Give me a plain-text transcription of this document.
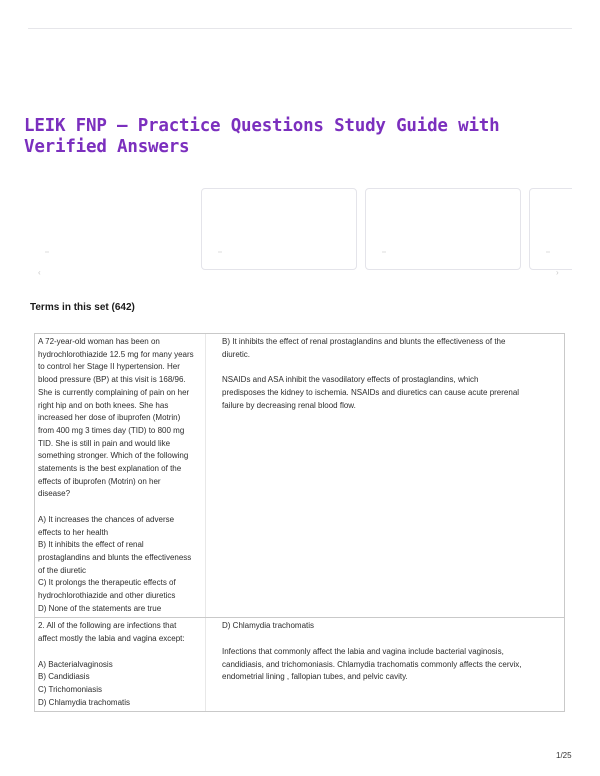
LEIK FNP – Practice Questions Study Guide with Verified Answers
‹	›
Terms in this set (642)
A 72-year-old woman has been on
hydrochlorothiazide 12.5 mg for many years
to control her Stage II hypertension. Her
blood pressure (BP) at this visit is 168/96.
She is currently complaining of pain on her
right hip and on both knees. She has
increased her dose of ibuprofen (Motrin)
from 400 mg 3 times day (TID) to 800 mg
TID. She is still in pain and would like
something stronger. Which of the following
statements is the best explanation of the
effects of ibuprofen (Motrin) on her
disease?

A) It increases the chances of adverse
effects to her health
B) It inhibits the effect of renal
prostaglandins and blunts the effectiveness
of the diuretic
C) It prolongs the therapeutic effects of
hydrochlorothiazide and other diuretics
D) None of the statements are true
B) It inhibits the effect of renal prostaglandins and blunts the effectiveness of the
diuretic.

NSAIDs and ASA inhibit the vasodilatory effects of prostaglandins, which
predisposes the kidney to ischemia. NSAIDs and diuretics can cause acute prerenal
failure by decreasing renal blood flow.
2. All of the following are infections that
affect mostly the labia and vagina except:

A) Bacterialvaginosis
B) Candidiasis
C) Trichomoniasis
D) Chlamydia trachomatis
D) Chlamydia trachomatis

Infections that commonly affect the labia and vagina include bacterial vaginosis,
candidiasis, and trichomoniasis. Chlamydia trachomatis commonly affects the cervix,
endometrial lining , fallopian tubes, and pelvic cavity.
1/25
